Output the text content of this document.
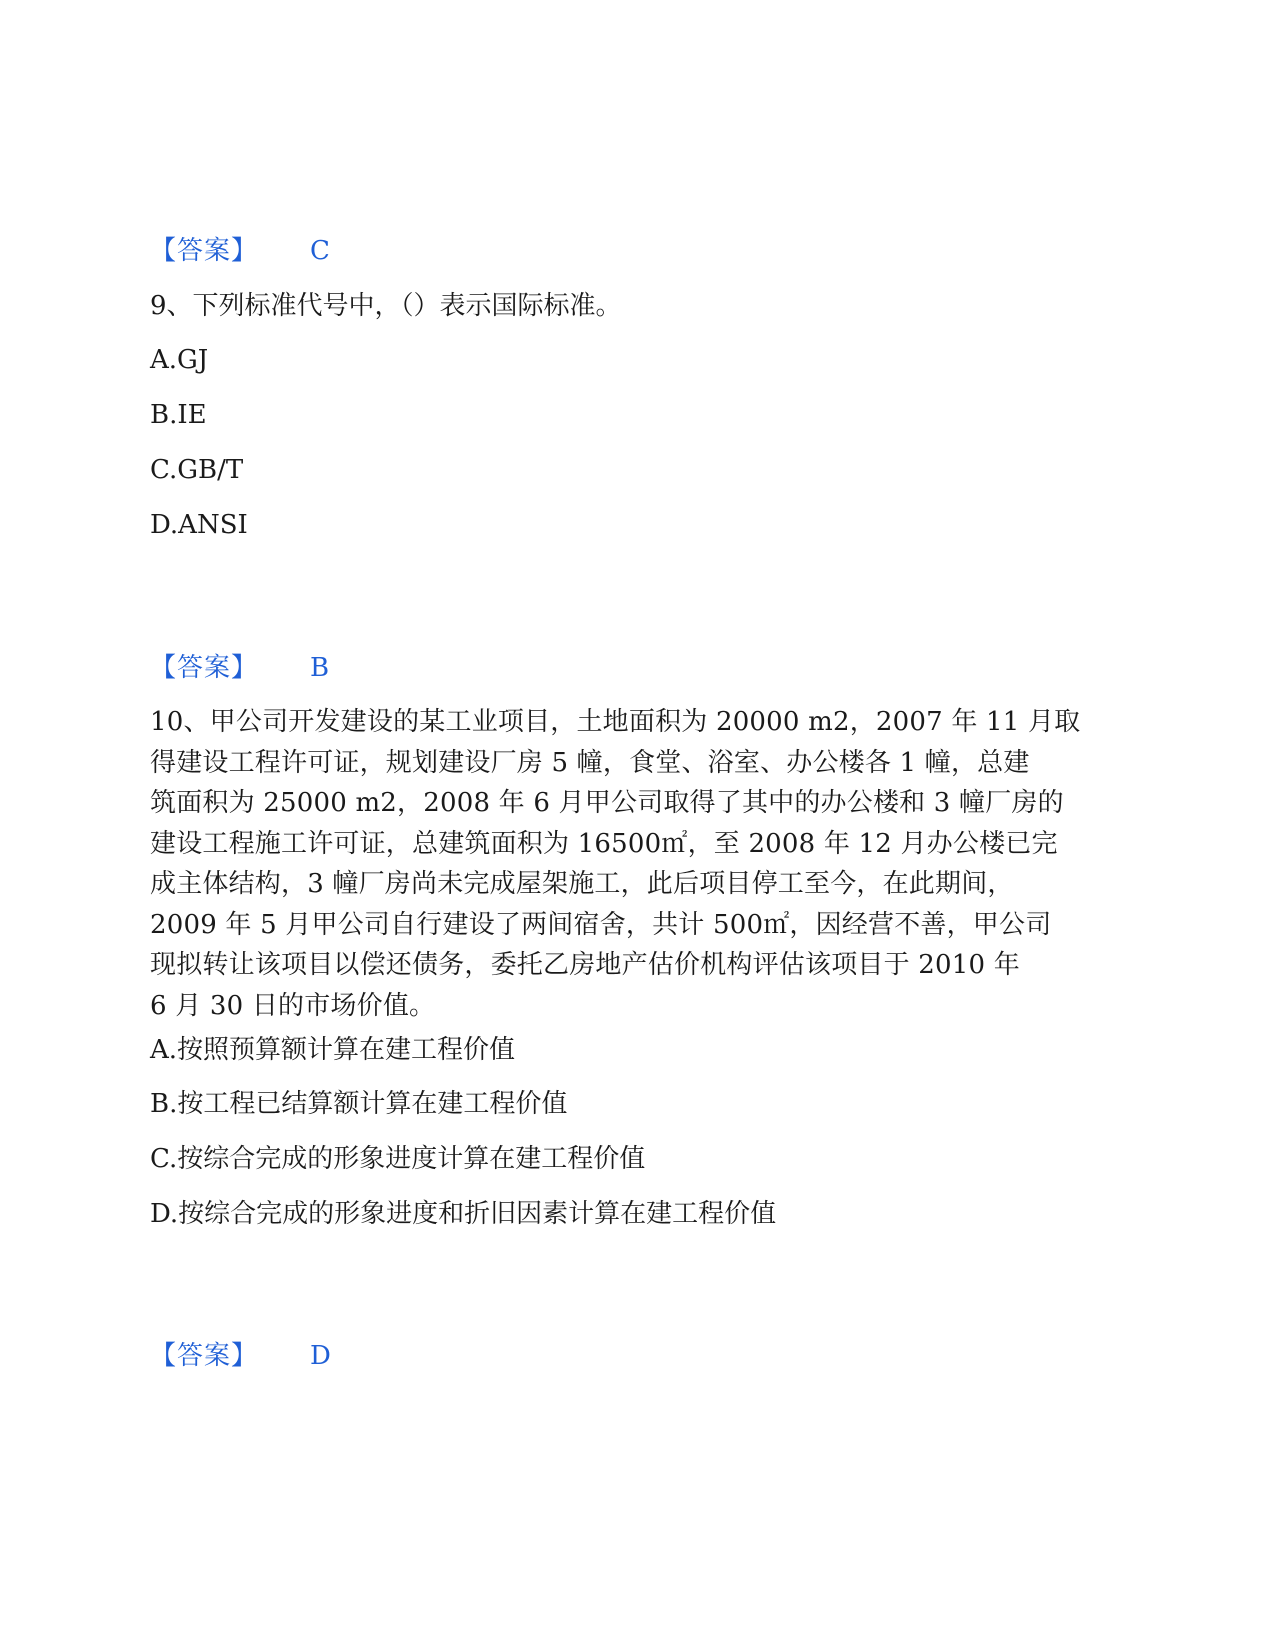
【答案】 C
9、下列标准代号中，（）表示国际标准。
A.GJ
B.IE
C.GB/T
D.ANSI
【答案】 B
10、甲公司开发建设的某工业项目，土地面积为 20000 m2，2007 年 11 月取
得建设工程许可证，规划建设厂房 5 幢，食堂、浴室、办公楼各 1 幢，总建
筑面积为 25000 m2，2008 年 6 月甲公司取得了其中的办公楼和 3 幢厂房的
建设工程施工许可证，总建筑面积为 16500㎡，至 2008 年 12 月办公楼已完
成主体结构，3 幢厂房尚未完成屋架施工，此后项目停工至今，在此期间，
2009 年 5 月甲公司自行建设了两间宿舍，共计 500㎡，因经营不善，甲公司
现拟转让该项目以偿还债务，委托乙房地产估价机构评估该项目于 2010 年
6 月 30 日的市场价值。
A.按照预算额计算在建工程价值
B.按工程已结算额计算在建工程价值
C.按综合完成的形象进度计算在建工程价值
D.按综合完成的形象进度和折旧因素计算在建工程价值
【答案】 D
